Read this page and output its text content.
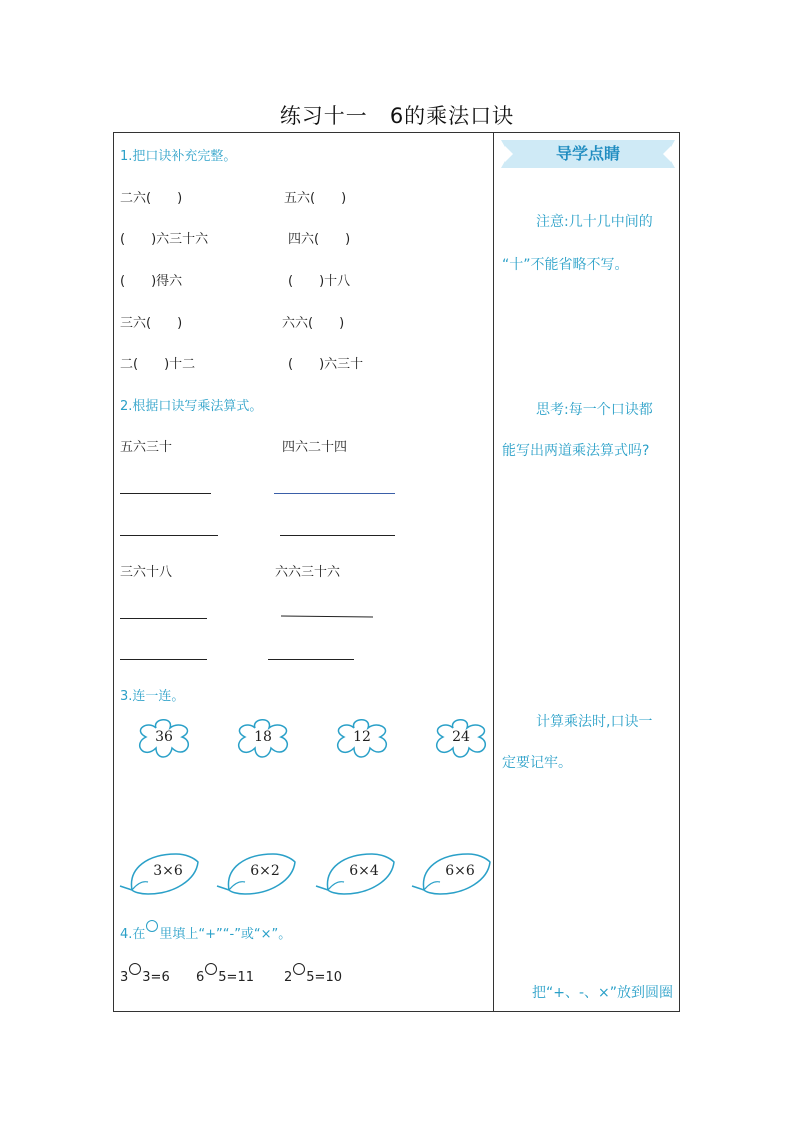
练习十一 6的乘法口诀
1.把口诀补充完整。
二六(　　)	五六(　　)
(　　)六三十六	四六(　　)
(　　)得六	(　　)十八
三六(　　)	六六(　　)
二(　　)十二	(　　)六三十
2.根据口诀写乘法算式。
五六三十	四六二十四
三六十八	六六三十六
3.连一连。
36	18	12	24
3×6	6×2	6×4	6×6
4.在 里填上“+”“-”或“×”。
3 3=6 6 5=11 2 5=10
导学点睛
注意:几十几中间的
“十”不能省略不写。
思考:每一个口诀都
能写出两道乘法算式吗?
计算乘法时,口诀一
定要记牢。
把“+、-、×”放到圆圈
